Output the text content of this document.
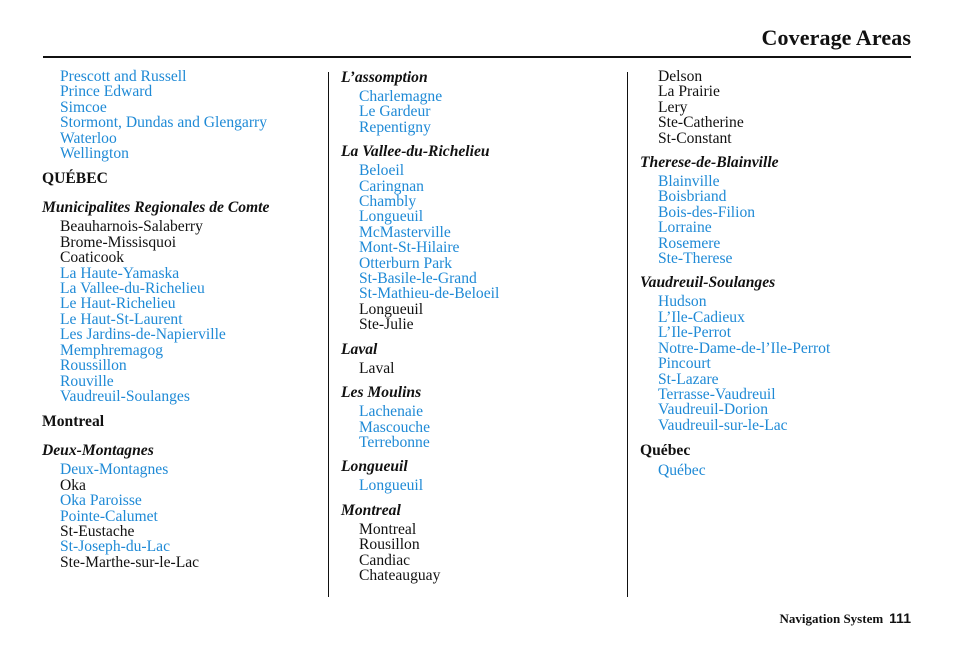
Coverage Areas
Prescott and Russell
Prince Edward
Simcoe
Stormont, Dundas and Glengarry
Waterloo
Wellington
QUÉBEC
Municipalites Regionales de Comte
Beauharnois-Salaberry
Brome-Missisquoi
Coaticook
La Haute-Yamaska
La Vallee-du-Richelieu
Le Haut-Richelieu
Le Haut-St-Laurent
Les Jardins-de-Napierville
Memphremagog
Roussillon
Rouville
Vaudreuil-Soulanges
Montreal
Deux-Montagnes
Deux-Montagnes
Oka
Oka Paroisse
Pointe-Calumet
St-Eustache
St-Joseph-du-Lac
Ste-Marthe-sur-le-Lac
L’assomption
Charlemagne
Le Gardeur
Repentigny
La Vallee-du-Richelieu
Beloeil
Caringnan
Chambly
Longueuil
McMasterville
Mont-St-Hilaire
Otterburn Park
St-Basile-le-Grand
St-Mathieu-de-Beloeil
Longueuil
Ste-Julie
Laval
Laval
Les Moulins
Lachenaie
Mascouche
Terrebonne
Longueuil
Longueuil
Montreal
Montreal
Rousillon
Candiac
Chateauguay
Delson
La Prairie
Lery
Ste-Catherine
St-Constant
Therese-de-Blainville
Blainville
Boisbriand
Bois-des-Filion
Lorraine
Rosemere
Ste-Therese
Vaudreuil-Soulanges
Hudson
L’Ile-Cadieux
L’Ile-Perrot
Notre-Dame-de-l’Ile-Perrot
Pincourt
St-Lazare
Terrasse-Vaudreuil
Vaudreuil-Dorion
Vaudreuil-sur-le-Lac
Québec
Québec
Navigation System 111
